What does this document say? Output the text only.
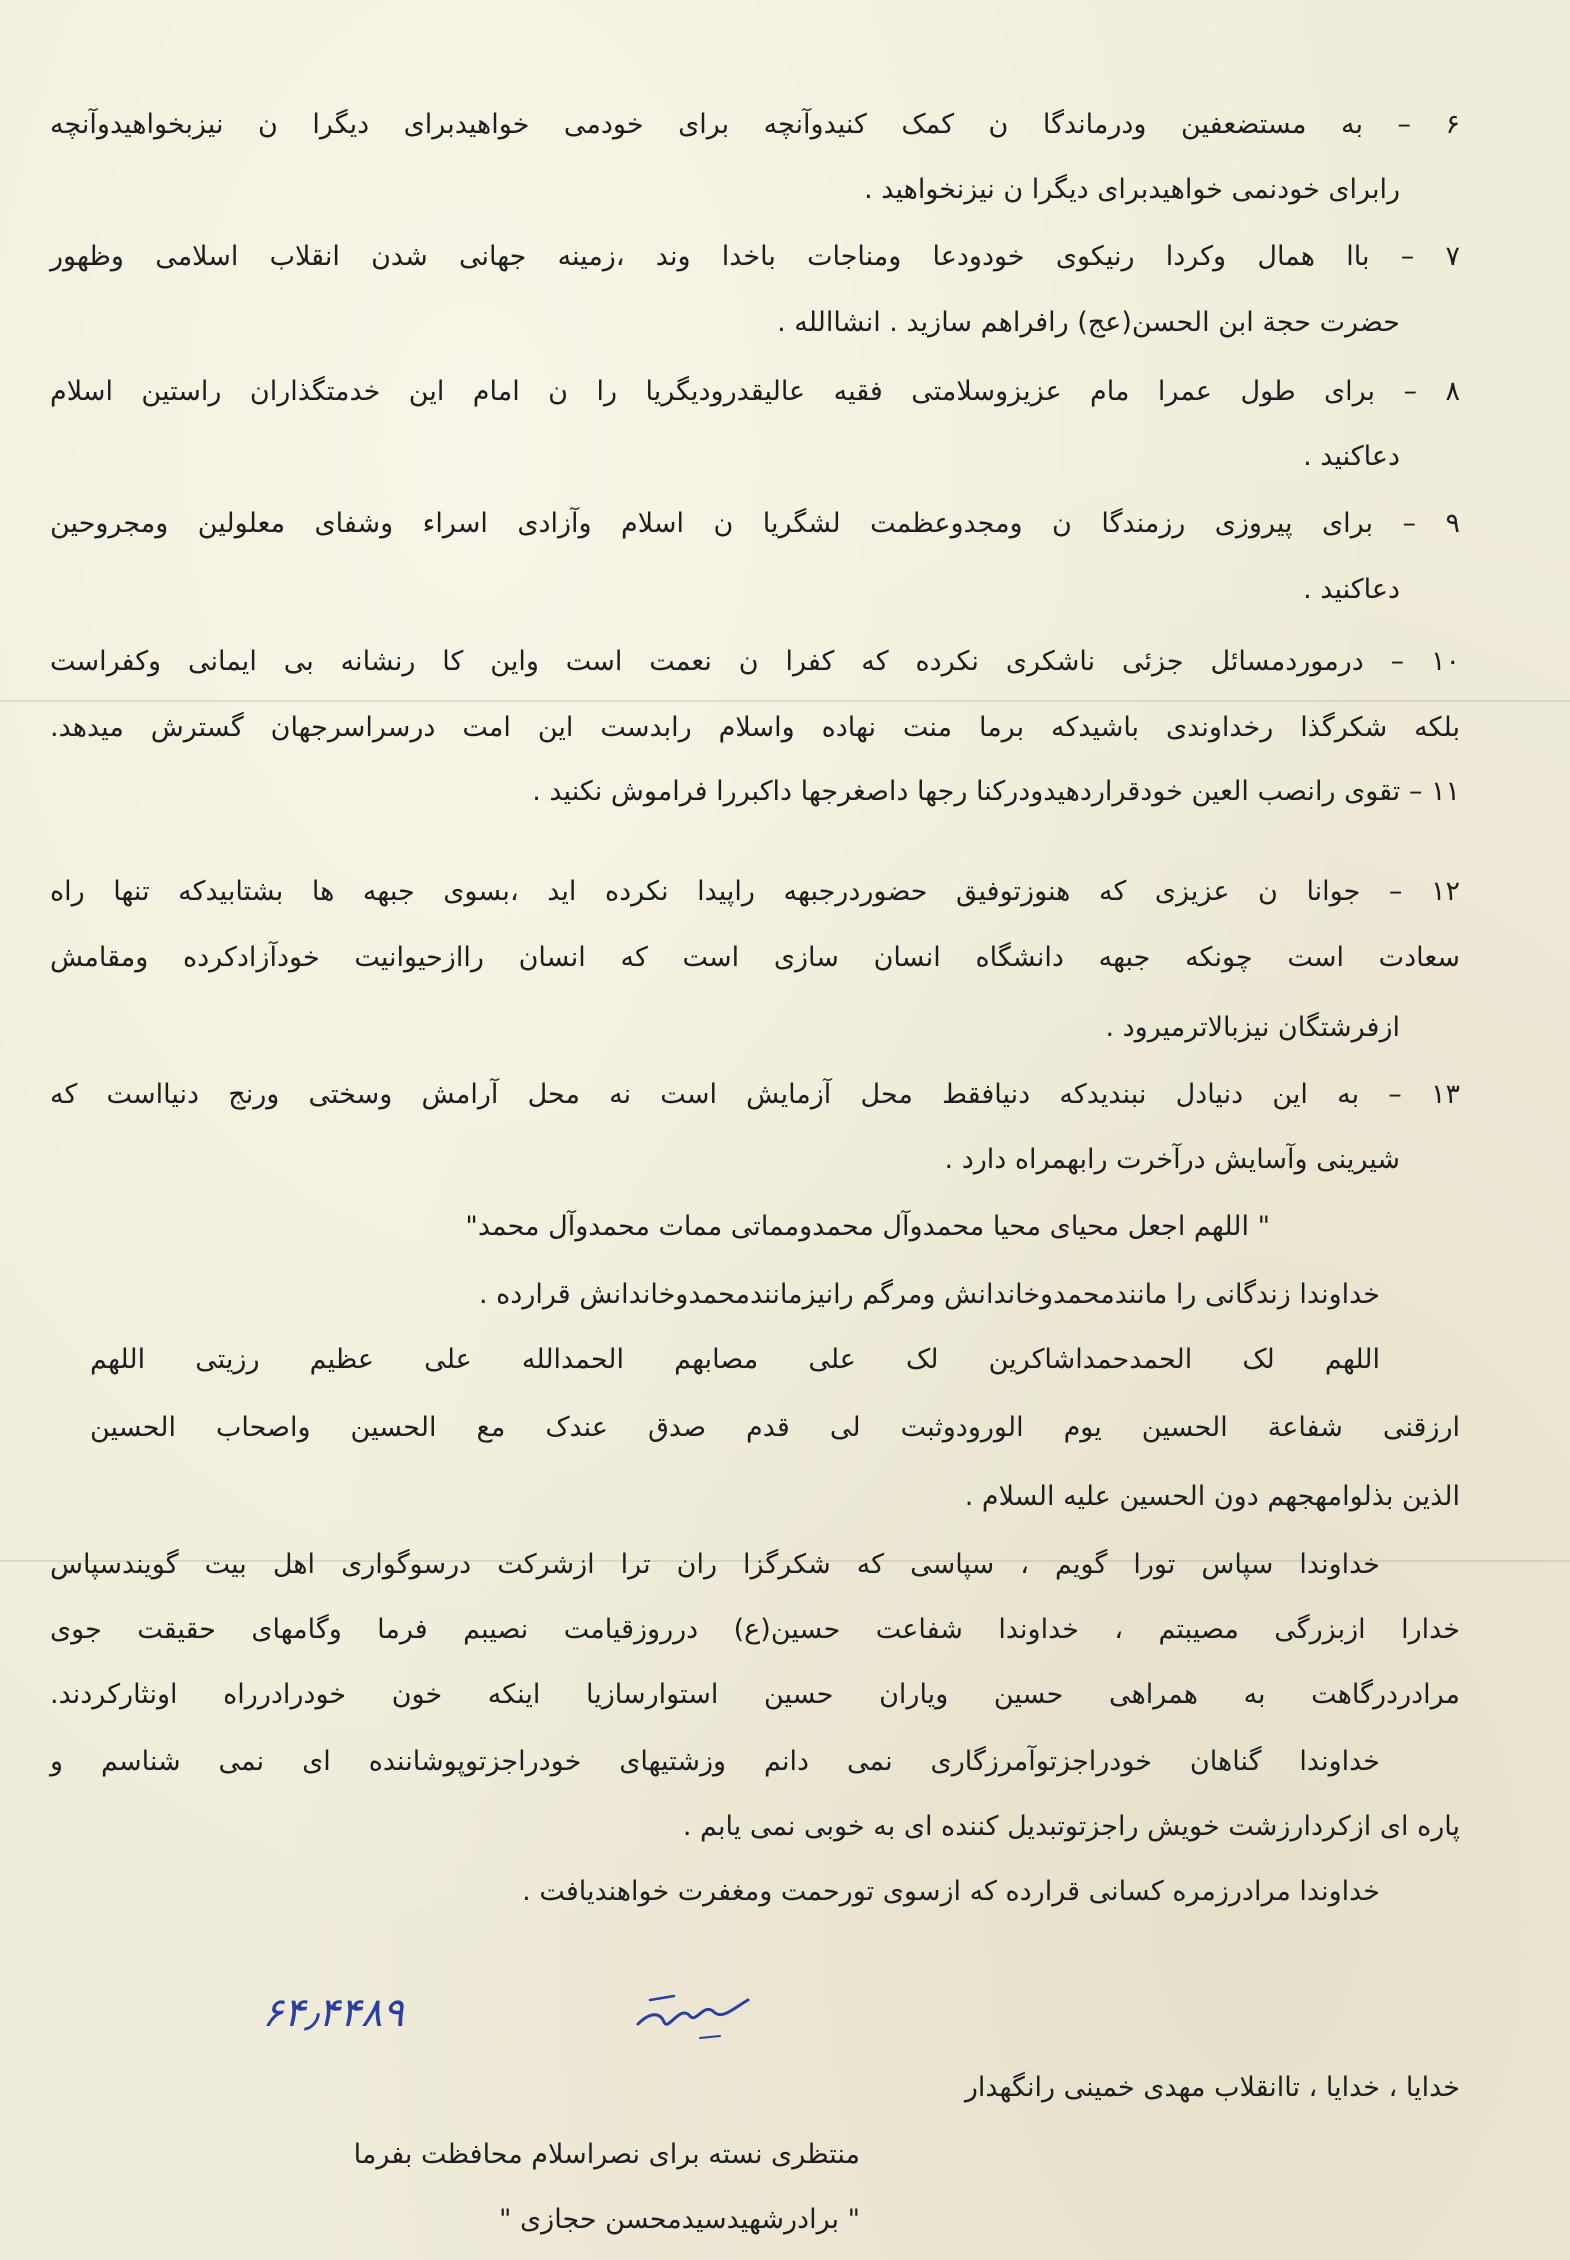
۶ – به مستضعفین ودرماندگا ن کمک کنیدوآنچه برای خودمی خواهیدبرای دیگرا ن نیزبخواهیدوآنچه
رابرای خودنمی خواهیدبرای دیگرا ن نیزنخواهید .
۷ – باا همال وکردا رنیکوی خودودعا ومناجات باخدا وند ،زمینه جهانی شدن انقلاب اسلامی وظهور
حضرت حجة ابن الحسن(عج) رافراهم سازید . انشاالله .
۸ – برای طول عمرا مام عزیزوسلامتی فقیه عالیقدرودیگریا را ن امام این خدمتگذاران راستین اسلام
دعاکنید .
۹ – برای پیروزی رزمندگا ن ومجدوعظمت لشگریا ن اسلام وآزادی اسراء وشفای معلولین ومجروحین
دعاکنید .
۱۰ – درموردمسائل جزئی ناشکری نکرده که کفرا ن نعمت است واین کا رنشانه بی ایمانی وکفراست
بلکه شکرگذا رخداوندی باشیدکه برما منت نهاده واسلام رابدست این امت درسراسرجهان گسترش میدهد.
۱۱ – تقوی رانصب العین خودقراردهیدودرکنا رجها داصغرجها داکبررا فراموش نکنید .
۱۲ – جوانا ن عزیزی که هنوزتوفیق حضوردرجبهه راپیدا نکرده اید ،بسوی جبهه ها بشتابیدکه تنها راه
سعادت است چونکه جبهه دانشگاه انسان سازی است که انسان راازحیوانیت خودآزادکرده ومقامش
ازفرشتگان نیزبالاترمیرود .
۱۳ – به این دنیادل نبندیدکه دنیافقط محل آزمایش است نه محل آرامش وسختی ورنج دنیااست که
شیرینی وآسایش درآخرت رابهمراه دارد .
" اللهم اجعل محیای محیا محمدوآل محمدومماتی ممات محمدوآل محمد"
خداوندا زندگانی را مانندمحمدوخاندانش ومرگم رانیزمانندمحمدوخاندانش قرارده .
اللهم لک الحمدحمداشاکرین لک علی مصابهم الحمدالله علی عظیم رزیتی اللهم
ارزقنی شفاعة الحسین یوم الورودوثبت لی قدم صدق عندک مع الحسین واصحاب الحسین
الذین بذلوامهجهم دون الحسین علیه السلام .
خداوندا سپاس تورا گویم ، سپاسی که شکرگزا ران ترا ازشرکت درسوگواری اهل بیت گویندسپاس
خدارا ازبزرگی مصیبتم ، خداوندا شفاعت حسین(ع) درروزقیامت نصیبم فرما وگامهای حقیقت جوی
مرادردرگاهت به همراهی حسین ویاران حسین استوارسازیا اینکه خون خودرادرراه اونثارکردند.
خداوندا گناهان خودراجزتوآمرزگاری نمی دانم وزشتیهای خودراجزتوپوشاننده ای نمی شناسم و
پاره ای ازکردارزشت خویش راجزتوتبدیل کننده ای به خوبی نمی یابم .
خداوندا مرادرزمره کسانی قرارده که ازسوی تورحمت ومغفرت خواهندیافت .
۶۴٫۴۴۸۹
خدایا ، خدایا ، تاانقلاب مهدی خمینی رانگهدار
منتظری نسته برای نصراسلام محافظت بفرما
" برادرشهیدسیدمحسن حجازی "
